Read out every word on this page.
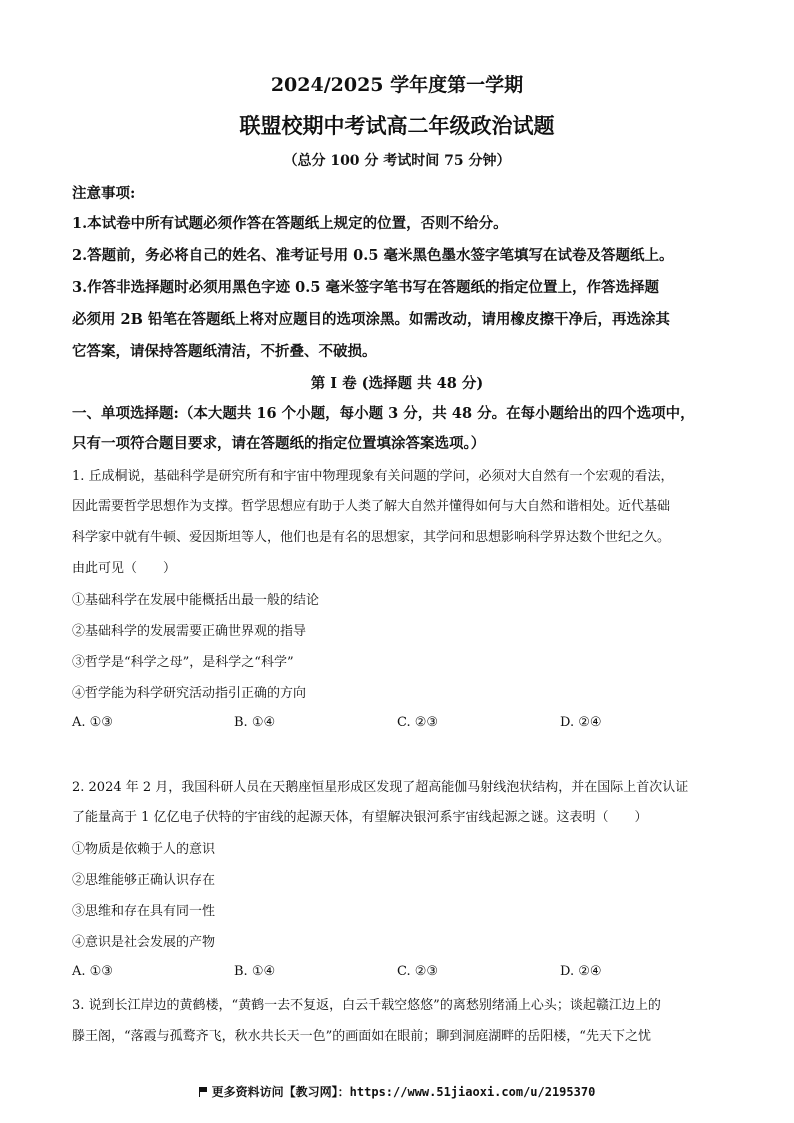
2024/2025 学年度第一学期
联盟校期中考试高二年级政治试题
（总分 100 分 考试时间 75 分钟）
注意事项:
1.本试卷中所有试题必须作答在答题纸上规定的位置，否则不给分。
2.答题前，务必将自己的姓名、准考证号用 0.5 毫米黑色墨水签字笔填写在试卷及答题纸上。
3.作答非选择题时必须用黑色字迹 0.5 毫米签字笔书写在答题纸的指定位置上，作答选择题
必须用 2B 铅笔在答题纸上将对应题目的选项涂黑。如需改动，请用橡皮擦干净后，再选涂其
它答案，请保持答题纸清洁，不折叠、不破损。
第 I 卷 (选择题 共 48 分)
一、单项选择题:（本大题共 16 个小题，每小题 3 分，共 48 分。在每小题给出的四个选项中，
只有一项符合题目要求，请在答题纸的指定位置填涂答案选项。）
1. 丘成桐说，基础科学是研究所有和宇宙中物理现象有关问题的学问，必须对大自然有一个宏观的看法，
因此需要哲学思想作为支撑。哲学思想应有助于人类了解大自然并懂得如何与大自然和谐相处。近代基础
科学家中就有牛顿、爱因斯坦等人，他们也是有名的思想家，其学问和思想影响科学界达数个世纪之久。
由此可见（　　）
①基础科学在发展中能概括出最一般的结论
②基础科学的发展需要正确世界观的指导
③哲学是“科学之母”，是科学之“科学”
④哲学能为科学研究活动指引正确的方向
A. ①③	B. ①④	C. ②③	D. ②④
2. 2024 年 2 月，我国科研人员在天鹅座恒星形成区发现了超高能伽马射线泡状结构，并在国际上首次认证
了能量高于 1 亿亿电子伏特的宇宙线的起源天体，有望解决银河系宇宙线起源之谜。这表明（　　）
①物质是依赖于人的意识
②思维能够正确认识存在
③思维和存在具有同一性
④意识是社会发展的产物
A. ①③	B. ①④	C. ②③	D. ②④
3. 说到长江岸边的黄鹤楼，“黄鹤一去不复返，白云千载空悠悠”的离愁别绪涌上心头；谈起赣江边上的
滕王阁，“落霞与孤鹜齐飞，秋水共长天一色”的画面如在眼前；聊到洞庭湖畔的岳阳楼，“先天下之忧
更多资料访问【教习网】：https://www.51jiaoxi.com/u/2195370
